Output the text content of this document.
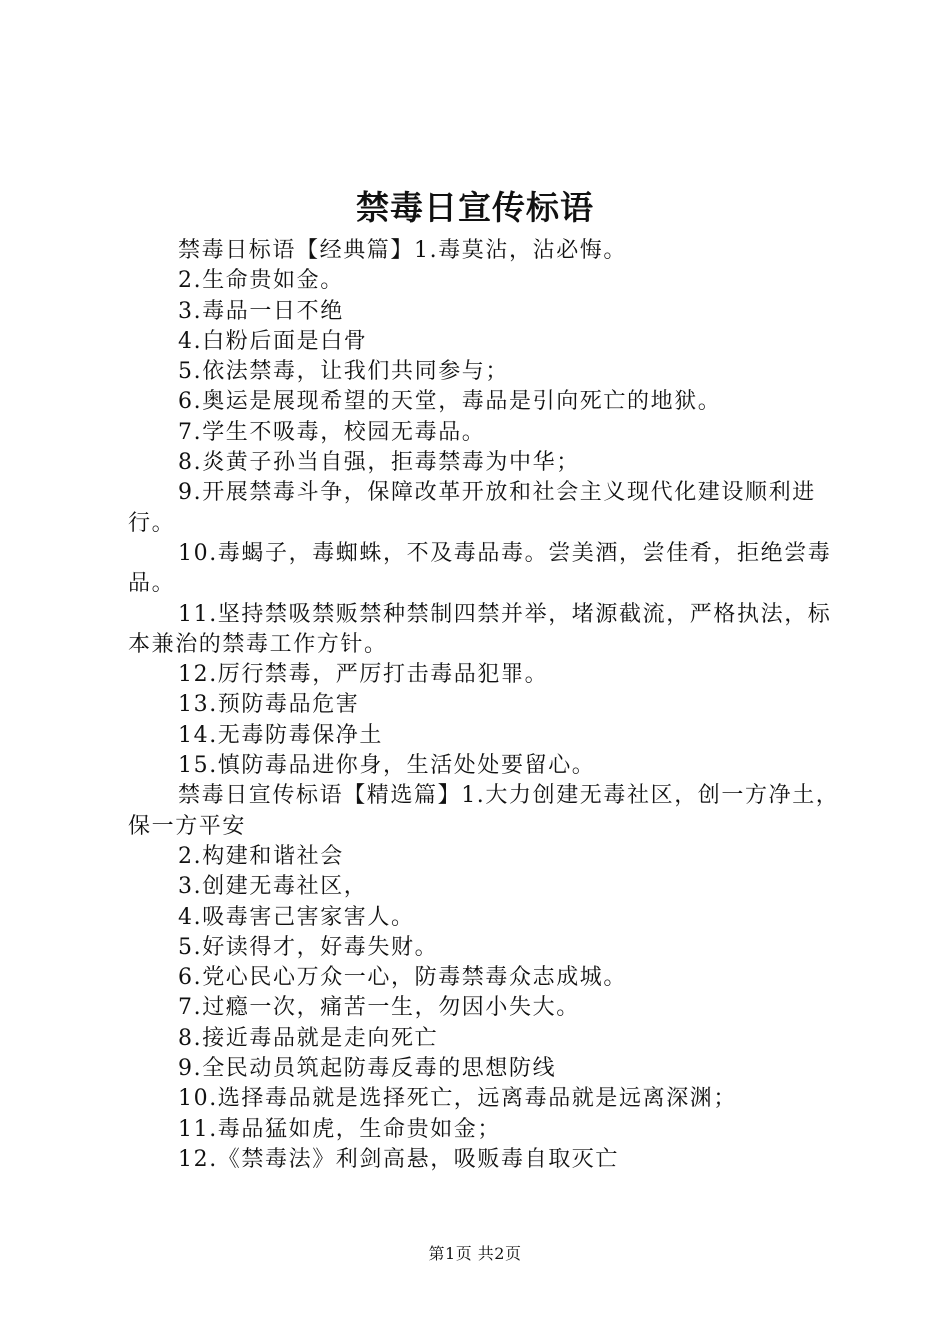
禁毒日宣传标语

禁毒日标语【经典篇】1.毒莫沾，沾必悔。

2.生命贵如金。

3.毒品一日不绝

4.白粉后面是白骨

5.依法禁毒，让我们共同参与；

6.奥运是展现希望的天堂，毒品是引向死亡的地狱。

7.学生不吸毒，校园无毒品。

8.炎黄子孙当自强，拒毒禁毒为中华；

9.开展禁毒斗争，保障改革开放和社会主义现代化建设顺利进行。

10.毒蝎子，毒蜘蛛，不及毒品毒。尝美酒，尝佳肴，拒绝尝毒品。

11.坚持禁吸禁贩禁种禁制四禁并举，堵源截流，严格执法，标本兼治的禁毒工作方针。

12.厉行禁毒，严厉打击毒品犯罪。

13.预防毒品危害

14.无毒防毒保净土

15.慎防毒品进你身，生活处处要留心。

禁毒日宣传标语【精选篇】1.大力创建无毒社区，创一方净土，保一方平安

2.构建和谐社会

3.创建无毒社区，

4.吸毒害己害家害人。

5.好读得才，好毒失财。

6.党心民心万众一心，防毒禁毒众志成城。

7.过瘾一次，痛苦一生，勿因小失大。

8.接近毒品就是走向死亡

9.全民动员筑起防毒反毒的思想防线

10.选择毒品就是选择死亡，远离毒品就是远离深渊；

11.毒品猛如虎，生命贵如金；

12.《禁毒法》利剑高悬，吸贩毒自取灭亡

第1页 共2页
